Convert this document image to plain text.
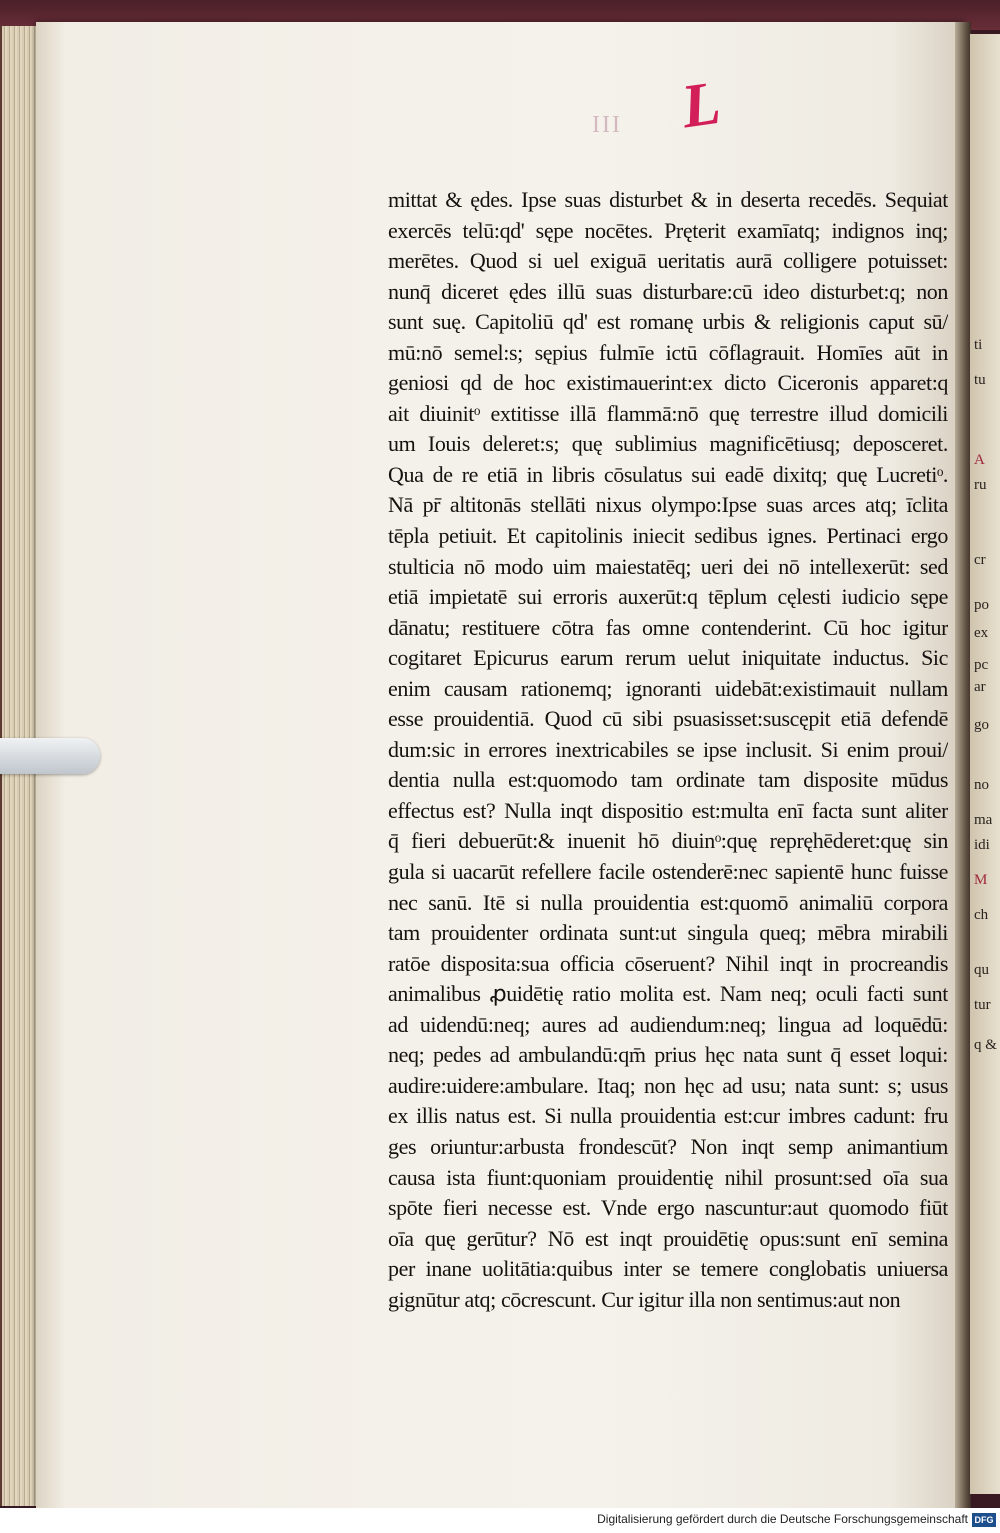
III L
mittat & ędes. Ipse suas disturbet & in deserta recedēs. Sequiat
exercēs telū:qd' sępe nocētes. Pręterit examīatq; indignos inq;
merētes. Quod si uel exiguā ueritatis aurā colligere potuisset:
nunq̄ diceret ędes illū suas disturbare:cū ideo disturbet:q; non
sunt suę. Capitoliū qd' est romanę urbis & religionis caput sū/
mū:nō semel:s; sępius fulmīe ictū cōflagrauit. Homīes aūt in
geniosi qd de hoc existimauerint:ex dicto Ciceronis apparet:q
ait diuinitᵒ extitisse illā flammā:nō quę terrestre illud domicili
um Iouis deleret:s; quę sublimius magnificētiusq; deposceret.
Qua de re etiā in libris cōsulatus sui eadē dixitq; quę Lucretiᵒ.
Nā pr̄ altitonās stellāti nixus olympo:Ipse suas arces atq; īclita
tēpla petiuit. Et capitolinis iniecit sedibus ignes. Pertinaci ergo
stulticia nō modo uim maiestatēq; ueri dei nō intellexerūt: sed
etiā impietatē sui erroris auxerūt:q tēplum cęlesti iudicio sępe
dānatu; restituere cōtra fas omne contenderint. Cū hoc igitur
cogitaret Epicurus earum rerum uelut iniquitate inductus. Sic
enim causam rationemq; ignoranti uidebāt:existimauit nullam
esse prouidentiā. Quod cū sibi psuasisset:suscępit etiā defendē
dum:sic in errores inextricabiles se ipse inclusit. Si enim proui/
dentia nulla est:quomodo tam ordinate tam disposite mūdus
effectus est? Nulla inqt dispositio est:multa enī facta sunt aliter
q̄ fieri debuerūt:& inuenit hō diuinᵒ:quę repręhēderet:quę sin
gula si uacarūt refellere facile ostenderē:nec sapientē hunc fuisse
nec sanū. Itē si nulla prouidentia est:quomō animaliū corpora
tam prouidenter ordinata sunt:ut singula queq; mēbra mirabili
ratōe disposita:sua officia cōseruent? Nihil inqt in procreandis
animalibus ꝓuidētię ratio molita est. Nam neq; oculi facti sunt
ad uidendū:neq; aures ad audiendum:neq; lingua ad loquēdū:
neq; pedes ad ambulandū:qm̄ prius hęc nata sunt q̄ esset loqui:
audire:uidere:ambulare. Itaq; non hęc ad usu; nata sunt: s; usus
ex illis natus est. Si nulla prouidentia est:cur imbres cadunt: fru
ges oriuntur:arbusta frondescūt? Non inqt semp animantium
causa ista fiunt:quoniam prouidentię nihil prosunt:sed oīa sua
spōte fieri necesse est. Vnde ergo nascuntur:aut quomodo fiūt
oīa quę gerūtur? Nō est inqt prouidētię opus:sunt enī semina
per inane uolitātia:quibus inter se temere conglobatis uniuersa
gignūtur atq; cōcrescunt. Cur igitur illa non sentimus:aut non
ti
tu
A
ru
cr
po
ex
pc
ar
go
no
ma
idi
M
ch
qu
tur
q &
Digitalisierung gefördert durch die Deutsche Forschungsgemeinschaft DFG
